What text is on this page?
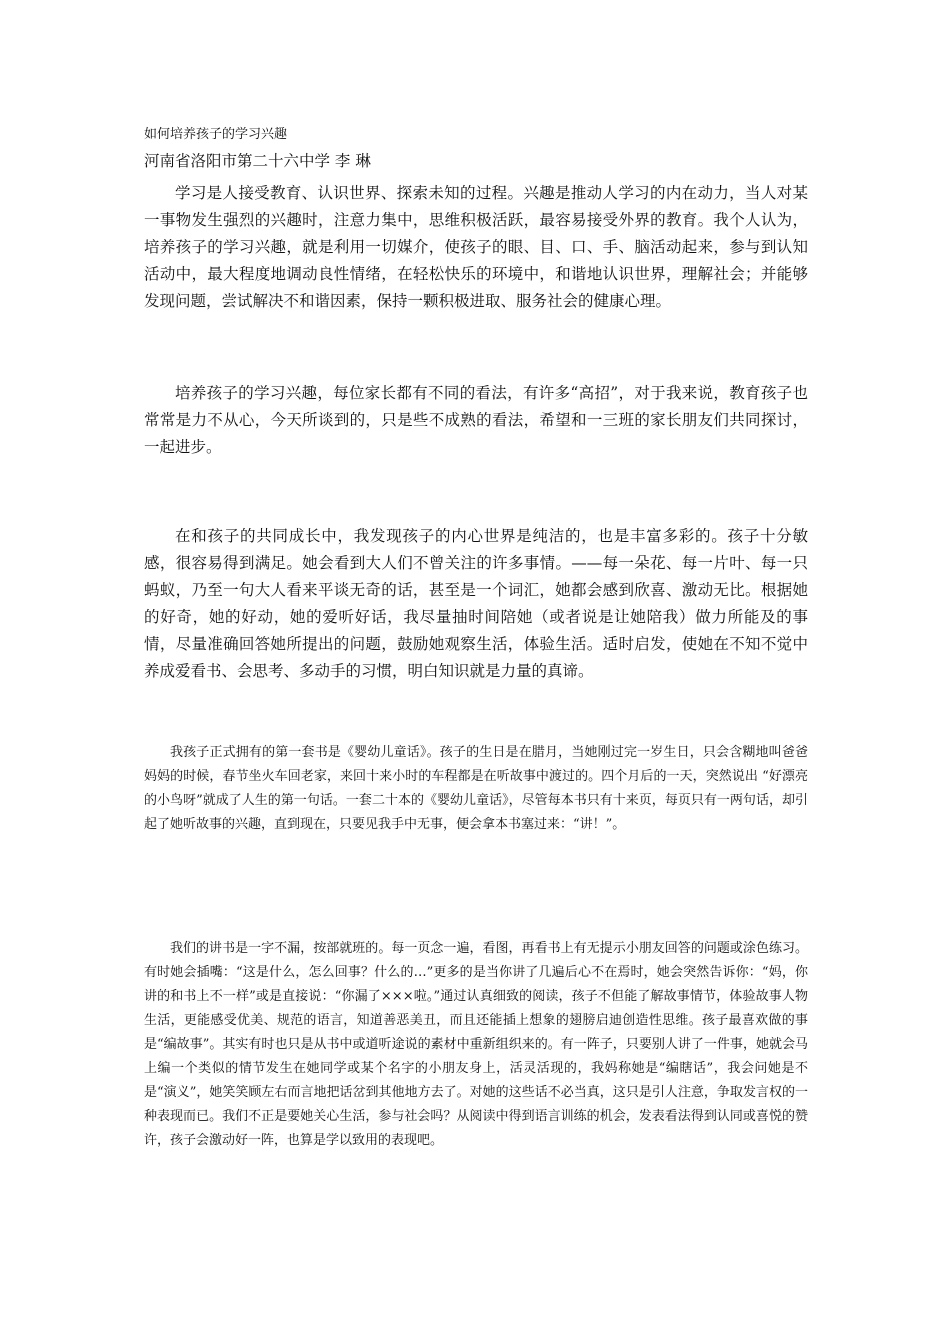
如何培养孩子的学习兴趣
河南省洛阳市第二十六中学 李 琳

学习是人接受教育、认识世界、探索未知的过程。兴趣是推动人学习的内在动力，当人对某一事物发生强烈的兴趣时，注意力集中，思维积极活跃，最容易接受外界的教育。我个人认为，培养孩子的学习兴趣，就是利用一切媒介，使孩子的眼、目、口、手、脑活动起来，参与到认知活动中，最大程度地调动良性情绪，在轻松快乐的环境中，和谐地认识世界，理解社会；并能够发现问题，尝试解决不和谐因素，保持一颗积极进取、服务社会的健康心理。

培养孩子的学习兴趣，每位家长都有不同的看法，有许多“高招”，对于我来说，教育孩子也常常是力不从心，今天所谈到的，只是些不成熟的看法，希望和一三班的家长朋友们共同探讨，一起进步。

在和孩子的共同成长中，我发现孩子的内心世界是纯洁的，也是丰富多彩的。孩子十分敏感，很容易得到满足。她会看到大人们不曾关注的许多事情。——每一朵花、每一片叶、每一只蚂蚁，乃至一句大人看来平谈无奇的话，甚至是一个词汇，她都会感到欣喜、激动无比。根据她的好奇，她的好动，她的爱听好话，我尽量抽时间陪她（或者说是让她陪我）做力所能及的事情，尽量准确回答她所提出的问题，鼓励她观察生活，体验生活。适时启发，使她在不知不觉中养成爱看书、会思考、多动手的习惯，明白知识就是力量的真谛。

我孩子正式拥有的第一套书是《婴幼儿童话》。孩子的生日是在腊月，当她刚过完一岁生日，只会含糊地叫爸爸妈妈的时候，春节坐火车回老家，来回十来小时的车程都是在听故事中渡过的。四个月后的一天，突然说出 “好漂亮的小鸟呀”就成了人生的第一句话。一套二十本的《婴幼儿童话》，尽管每本书只有十来页，每页只有一两句话，却引起了她听故事的兴趣，直到现在，只要见我手中无事，便会拿本书塞过来：“讲！”。

我们的讲书是一字不漏，按部就班的。每一页念一遍，看图，再看书上有无提示小朋友回答的问题或涂色练习。有时她会插嘴：“这是什么，怎么回事？什么的…”更多的是当你讲了几遍后心不在焉时，她会突然告诉你：“妈，你讲的和书上不一样”或是直接说：“你漏了×××啦。”通过认真细致的阅读，孩子不但能了解故事情节，体验故事人物生活，更能感受优美、规范的语言，知道善恶美丑，而且还能插上想象的翅膀启迪创造性思维。孩子最喜欢做的事是“编故事”。其实有时也只是从书中或道听途说的素材中重新组织来的。有一阵子，只要别人讲了一件事，她就会马上编一个类似的情节发生在她同学或某个名字的小朋友身上，活灵活现的，我妈称她是“编瞎话”，我会问她是不是“演义”，她笑笑顾左右而言地把话岔到其他地方去了。对她的这些话不必当真，这只是引人注意，争取发言权的一种表现而已。我们不正是要她关心生活，参与社会吗？从阅读中得到语言训练的机会，发表看法得到认同或喜悦的赞许，孩子会激动好一阵，也算是学以致用的表现吧。
